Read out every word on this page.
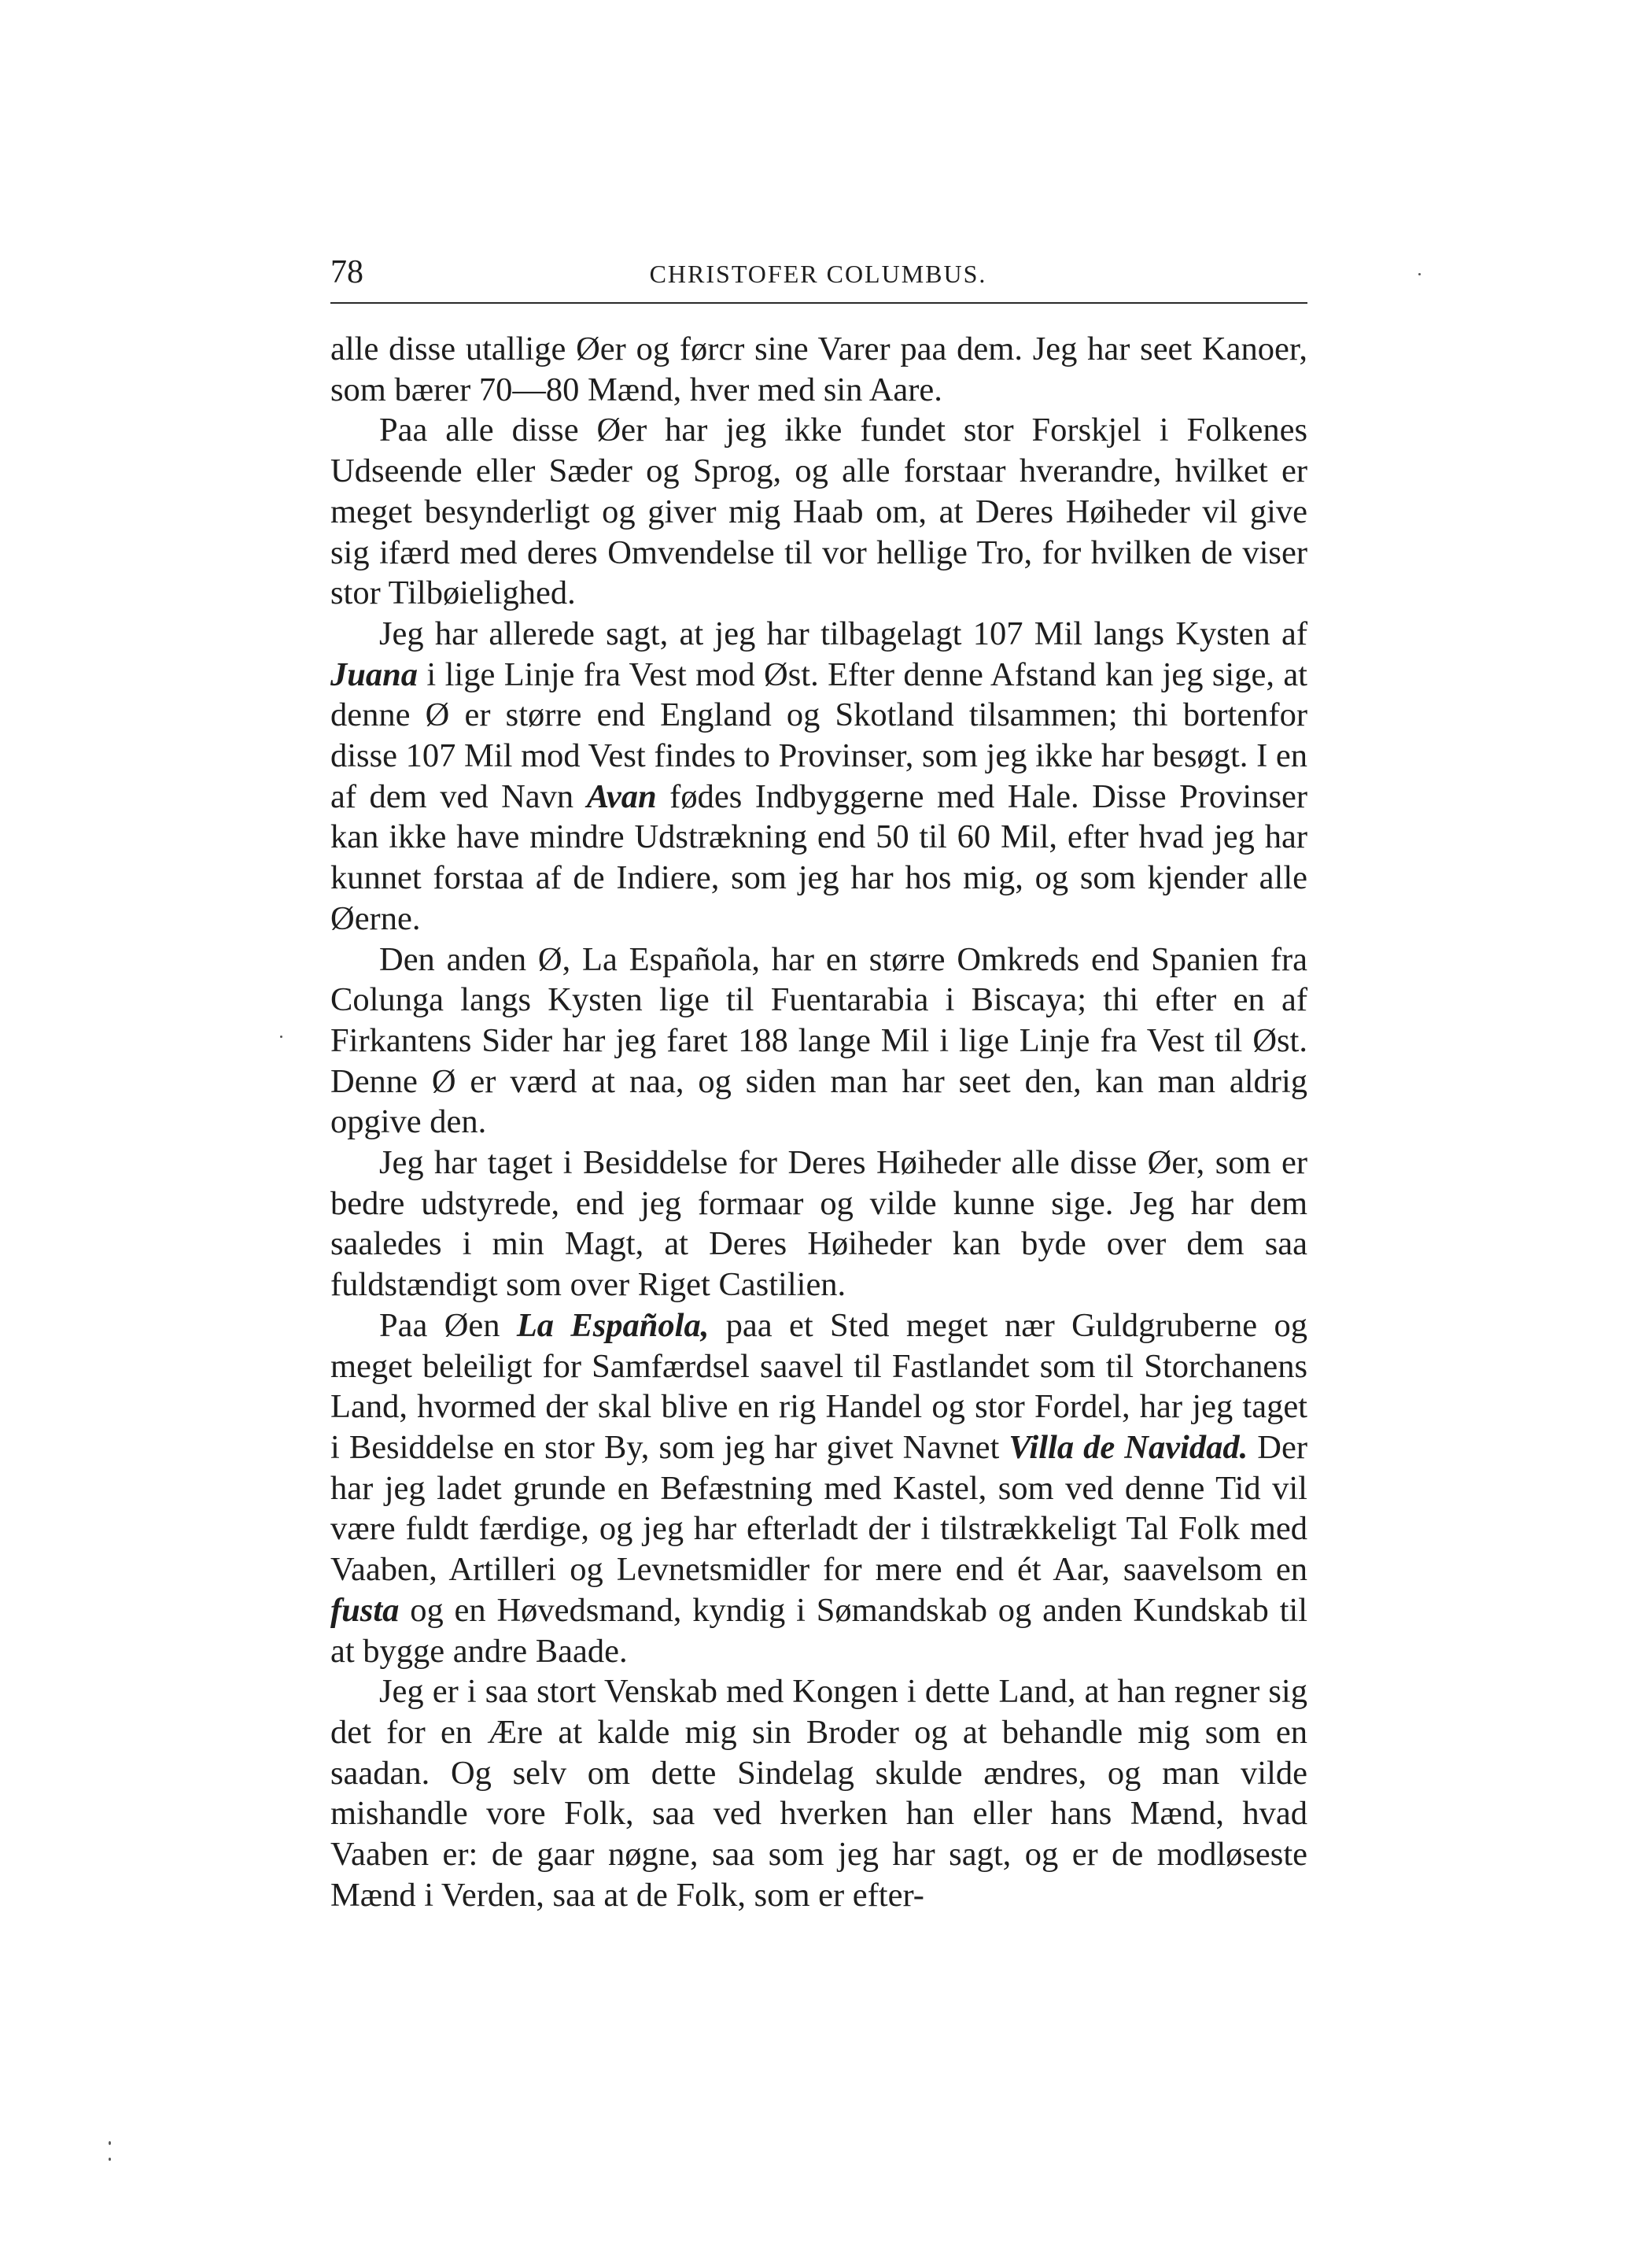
78	CHRISTOFER COLUMBUS.

alle disse utallige Øer og førcr sine Varer paa dem. Jeg har seet Kanoer, som bærer 70—80 Mænd, hver med sin Aare.

Paa alle disse Øer har jeg ikke fundet stor Forskjel i Folkenes Udseende eller Sæder og Sprog, og alle forstaar hverandre, hvilket er meget besynderligt og giver mig Haab om, at Deres Høiheder vil give sig ifærd med deres Omvendelse til vor hellige Tro, for hvilken de viser stor Tilbøielighed.

Jeg har allerede sagt, at jeg har tilbagelagt 107 Mil langs Kysten af Juana i lige Linje fra Vest mod Øst. Efter denne Afstand kan jeg sige, at denne Ø er større end England og Skotland tilsammen; thi bortenfor disse 107 Mil mod Vest findes to Provinser, som jeg ikke har besøgt. I en af dem ved Navn Avan fødes Indbyggerne med Hale. Disse Provinser kan ikke have mindre Udstrækning end 50 til 60 Mil, efter hvad jeg har kunnet forstaa af de Indiere, som jeg har hos mig, og som kjender alle Øerne.

Den anden Ø, La Española, har en større Omkreds end Spanien fra Colunga langs Kysten lige til Fuentarabia i Biscaya; thi efter en af Firkantens Sider har jeg faret 188 lange Mil i lige Linje fra Vest til Øst. Denne Ø er værd at naa, og siden man har seet den, kan man aldrig opgive den.

Jeg har taget i Besiddelse for Deres Høiheder alle disse Øer, som er bedre udstyrede, end jeg formaar og vilde kunne sige. Jeg har dem saaledes i min Magt, at Deres Høiheder kan byde over dem saa fuldstændigt som over Riget Castilien.

Paa Øen La Española, paa et Sted meget nær Guldgruberne og meget beleiligt for Samfærdsel saavel til Fastlandet som til Storchanens Land, hvormed der skal blive en rig Handel og stor Fordel, har jeg taget i Besiddelse en stor By, som jeg har givet Navnet Villa de Navidad. Der har jeg ladet grunde en Befæstning med Kastel, som ved denne Tid vil være fuldt færdige, og jeg har efterladt der i tilstrækkeligt Tal Folk med Vaaben, Artilleri og Levnetsmidler for mere end ét Aar, saavelsom en fusta og en Høvedsmand, kyndig i Sømandskab og anden Kundskab til at bygge andre Baade.

Jeg er i saa stort Venskab med Kongen i dette Land, at han regner sig det for en Ære at kalde mig sin Broder og at behandle mig som en saadan. Og selv om dette Sindelag skulde ændres, og man vilde mishandle vore Folk, saa ved hverken han eller hans Mænd, hvad Vaaben er: de gaar nøgne, saa som jeg har sagt, og er de modløseste Mænd i Verden, saa at de Folk, som er efter-
